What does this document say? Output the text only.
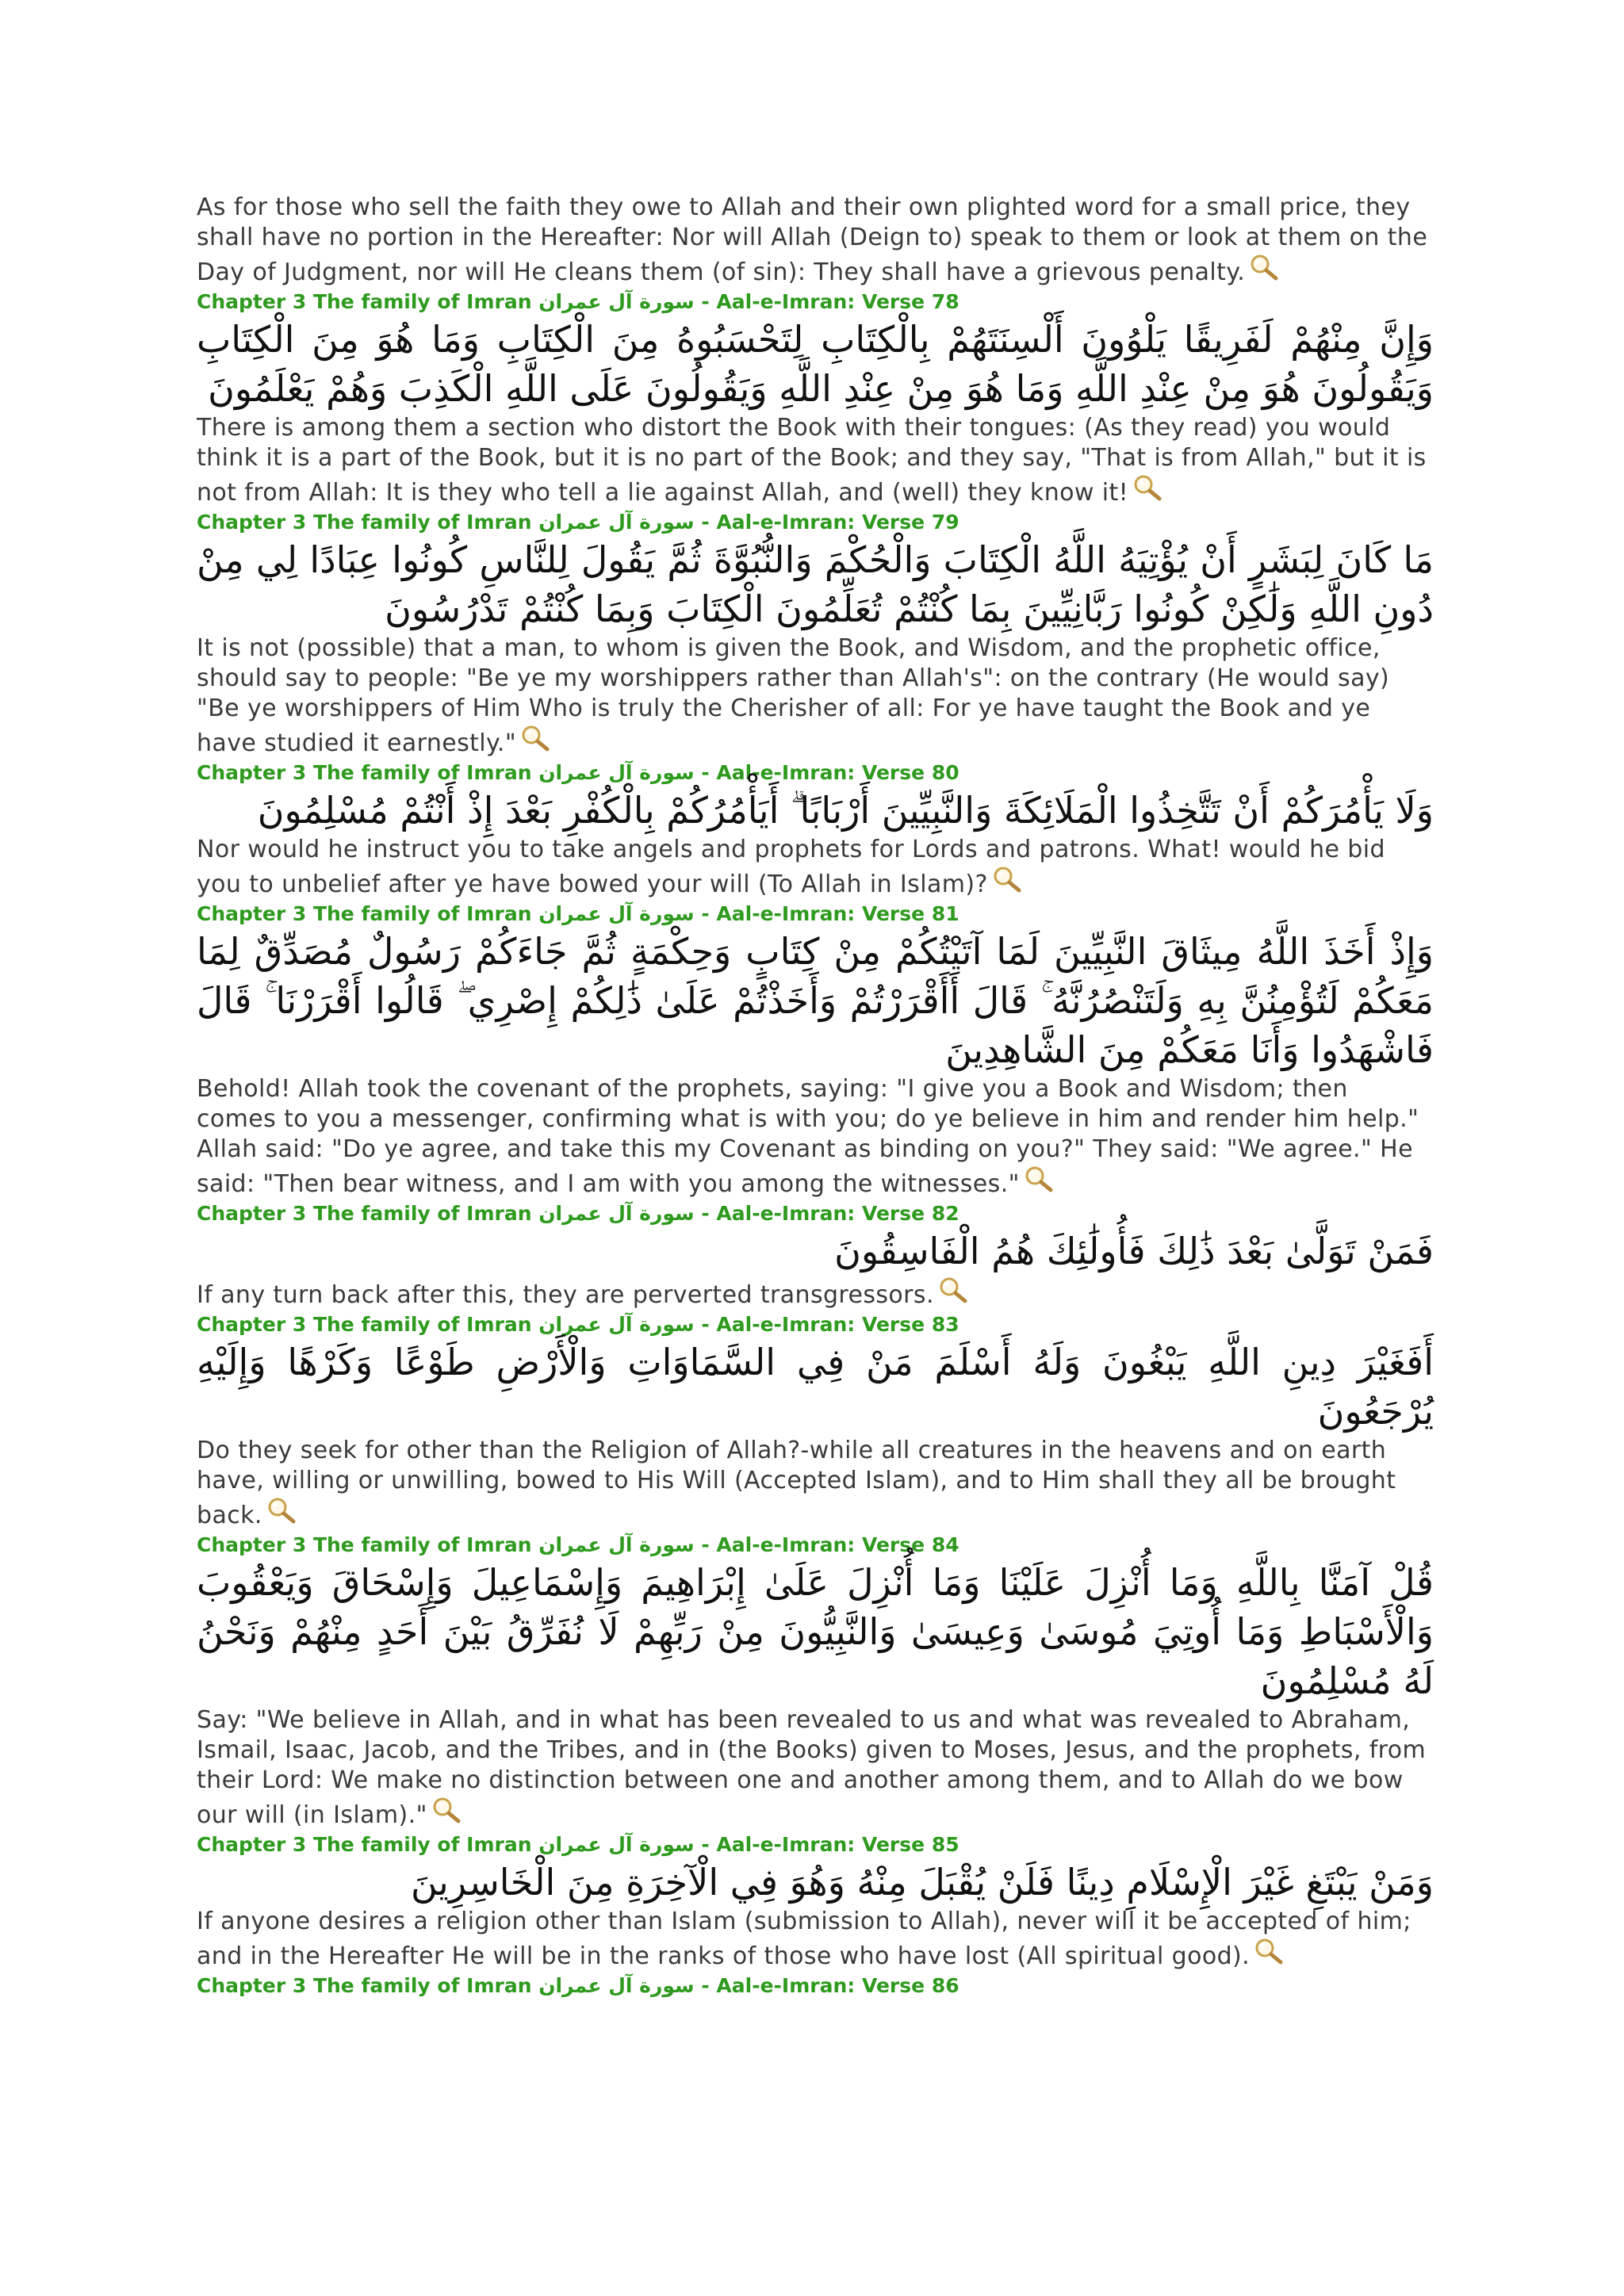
As for those who sell the faith they owe to Allah and their own plighted word for a small price, they shall have no portion in the Hereafter: Nor will Allah (Deign to) speak to them or look at them on the Day of Judgment, nor will He cleans them (of sin): They shall have a grievous penalty.

Chapter 3 The family of Imran سورة آل عمران - Aal-e-Imran: Verse 78

وَإِنَّ مِنْهُمْ لَفَرِيقًا يَلْوُونَ أَلْسِنَتَهُمْ بِالْكِتَابِ لِتَحْسَبُوهُ مِنَ الْكِتَابِ وَمَا هُوَ مِنَ الْكِتَابِ وَيَقُولُونَ هُوَ مِنْ عِنْدِ اللَّهِ وَمَا هُوَ مِنْ عِنْدِ اللَّهِ وَيَقُولُونَ عَلَى اللَّهِ الْكَذِبَ وَهُمْ يَعْلَمُونَ

There is among them a section who distort the Book with their tongues: (As they read) you would think it is a part of the Book, but it is no part of the Book; and they say, "That is from Allah," but it is not from Allah: It is they who tell a lie against Allah, and (well) they know it!

Chapter 3 The family of Imran سورة آل عمران - Aal-e-Imran: Verse 79

مَا كَانَ لِبَشَرٍ أَنْ يُؤْتِيَهُ اللَّهُ الْكِتَابَ وَالْحُكْمَ وَالنُّبُوَّةَ ثُمَّ يَقُولَ لِلنَّاسِ كُونُوا عِبَادًا لِي مِنْ دُونِ اللَّهِ وَلَٰكِنْ كُونُوا رَبَّانِيِّينَ بِمَا كُنْتُمْ تُعَلِّمُونَ الْكِتَابَ وَبِمَا كُنْتُمْ تَدْرُسُونَ

It is not (possible) that a man, to whom is given the Book, and Wisdom, and the prophetic office, should say to people: "Be ye my worshippers rather than Allah's": on the contrary (He would say) "Be ye worshippers of Him Who is truly the Cherisher of all: For ye have taught the Book and ye have studied it earnestly."

Chapter 3 The family of Imran سورة آل عمران - Aal-e-Imran: Verse 80

وَلَا يَأْمُرَكُمْ أَنْ تَتَّخِذُوا الْمَلَائِكَةَ وَالنَّبِيِّينَ أَرْبَابًا ۗ أَيَأْمُرُكُمْ بِالْكُفْرِ بَعْدَ إِذْ أَنْتُمْ مُسْلِمُونَ

Nor would he instruct you to take angels and prophets for Lords and patrons. What! would he bid you to unbelief after ye have bowed your will (To Allah in Islam)?

Chapter 3 The family of Imran سورة آل عمران - Aal-e-Imran: Verse 81

وَإِذْ أَخَذَ اللَّهُ مِيثَاقَ النَّبِيِّينَ لَمَا آتَيْتُكُمْ مِنْ كِتَابٍ وَحِكْمَةٍ ثُمَّ جَاءَكُمْ رَسُولٌ مُصَدِّقٌ لِمَا مَعَكُمْ لَتُؤْمِنُنَّ بِهِ وَلَتَنْصُرُنَّهُ ۚ قَالَ أَأَقْرَرْتُمْ وَأَخَذْتُمْ عَلَىٰ ذَٰلِكُمْ إِصْرِي ۖ قَالُوا أَقْرَرْنَا ۚ قَالَ فَاشْهَدُوا وَأَنَا مَعَكُمْ مِنَ الشَّاهِدِينَ

Behold! Allah took the covenant of the prophets, saying: "I give you a Book and Wisdom; then comes to you a messenger, confirming what is with you; do ye believe in him and render him help." Allah said: "Do ye agree, and take this my Covenant as binding on you?" They said: "We agree." He said: "Then bear witness, and I am with you among the witnesses."

Chapter 3 The family of Imran سورة آل عمران - Aal-e-Imran: Verse 82

فَمَنْ تَوَلَّىٰ بَعْدَ ذَٰلِكَ فَأُولَٰئِكَ هُمُ الْفَاسِقُونَ

If any turn back after this, they are perverted transgressors.

Chapter 3 The family of Imran سورة آل عمران - Aal-e-Imran: Verse 83

أَفَغَيْرَ دِينِ اللَّهِ يَبْغُونَ وَلَهُ أَسْلَمَ مَنْ فِي السَّمَاوَاتِ وَالْأَرْضِ طَوْعًا وَكَرْهًا وَإِلَيْهِ يُرْجَعُونَ

Do they seek for other than the Religion of Allah?-while all creatures in the heavens and on earth have, willing or unwilling, bowed to His Will (Accepted Islam), and to Him shall they all be brought back.

Chapter 3 The family of Imran سورة آل عمران - Aal-e-Imran: Verse 84

قُلْ آمَنَّا بِاللَّهِ وَمَا أُنْزِلَ عَلَيْنَا وَمَا أُنْزِلَ عَلَىٰ إِبْرَاهِيمَ وَإِسْمَاعِيلَ وَإِسْحَاقَ وَيَعْقُوبَ وَالْأَسْبَاطِ وَمَا أُوتِيَ مُوسَىٰ وَعِيسَىٰ وَالنَّبِيُّونَ مِنْ رَبِّهِمْ لَا نُفَرِّقُ بَيْنَ أَحَدٍ مِنْهُمْ وَنَحْنُ لَهُ مُسْلِمُونَ

Say: "We believe in Allah, and in what has been revealed to us and what was revealed to Abraham, Ismail, Isaac, Jacob, and the Tribes, and in (the Books) given to Moses, Jesus, and the prophets, from their Lord: We make no distinction between one and another among them, and to Allah do we bow our will (in Islam)."

Chapter 3 The family of Imran سورة آل عمران - Aal-e-Imran: Verse 85

وَمَنْ يَبْتَغِ غَيْرَ الْإِسْلَامِ دِينًا فَلَنْ يُقْبَلَ مِنْهُ وَهُوَ فِي الْآخِرَةِ مِنَ الْخَاسِرِينَ

If anyone desires a religion other than Islam (submission to Allah), never will it be accepted of him; and in the Hereafter He will be in the ranks of those who have lost (All spiritual good).

Chapter 3 The family of Imran سورة آل عمران - Aal-e-Imran: Verse 86
